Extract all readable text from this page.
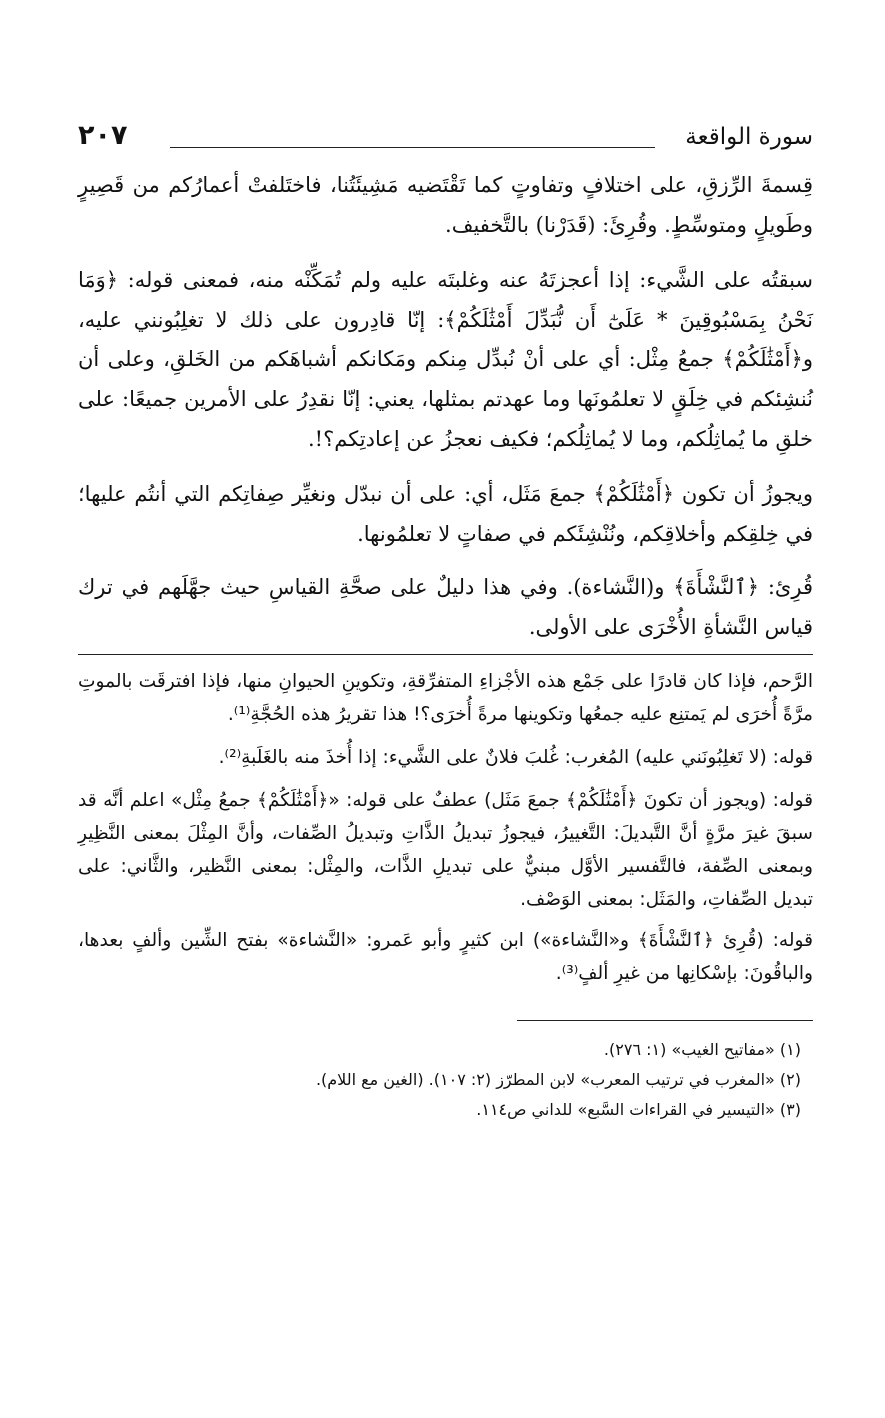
سورة الواقعة
٢٠٧

قِسمةَ الرِّزقِ، على اختلافٍ وتفاوتٍ كما تَقْتَضيه مَشِيئَتُنا، فاختَلفتْ أعمارُكم من قَصِيرٍ وطَويلٍ ومتوسِّطٍ. وقُرِئَ: (قَدَرْنا) بالتَّخفيف.

سبقتُه على الشَّيء: إذا أعجزتَهُ عنه وغلبتَه عليه ولم تُمَكِّنْه منه، فمعنى قوله: ﴿وَمَا نَحْنُ بِمَسْبُوقِينَ * عَلَىٰٓ أَن نُّبَدِّلَ أَمْثَٰلَكُمْ﴾: إنّا قادِرون على ذلك لا تغلِبُونني عليه، و﴿أَمْثَٰلَكُمْ﴾ جمعُ مِثْل: أي على أنْ نُبدِّل مِنكم ومَكانكم أشباهَكم من الخَلقِ، وعلى أن نُنشِئكم في خِلَقٍ لا تعلمُونَها وما عهدتم بمثلها، يعني: إنّا نقدِرُ على الأمرين جميعًا: على خلقِ ما يُماثِلُكم، وما لا يُماثِلُكم؛ فكيف نعجزُ عن إعادتِكم؟!.

ويجوزُ أن تكون ﴿أَمْثَٰلَكُمْ﴾ جمعَ مَثَل، أي: على أن نبدّل ونغيِّر صِفاتِكم التي أنتُم عليها؛ في خِلقِكم وأخلاقِكم، ونُنْشِئَكم في صفاتٍ لا تعلمُونها.

قُرِئ: ﴿ٱلنَّشْأَةَ﴾ و(النَّشاءة). وفي هذا دليلٌ على صحَّةِ القياسِ حيث جهَّلَهم في ترك قياس النَّشأةِ الأُخْرَى على الأولى.

الرَّحم، فإذا كان قادرًا على جَمْع هذه الأجْزاءِ المتفرِّقةِ، وتكوينِ الحيوانِ منها، فإذا افترقَت بالموتِ مرَّةً أُخرَى لم يَمتنِع عليه جمعُها وتكوينها مرةً أُخرَى؟! هذا تقريرُ هذه الحُجَّةِ⁽¹⁾.

قوله: (لا تَغلِبُونَني عليه) المُغرب: غُلبَ فلانٌ على الشَّيء: إذا أُخذَ منه بالغَلَبةِ⁽²⁾.

قوله: (ويجوز أن تكونَ ﴿أَمْثَٰلَكُمْ﴾ جمعَ مَثَل) عطفٌ على قوله: «﴿أَمْثَٰلَكُمْ﴾ جمعُ مِثْل» اعلم أنَّه قد سبقَ غيرَ مرَّةٍ أنَّ التَّبديلَ: التَّغييرُ، فيجوزُ تبديلُ الذَّاتِ وتبديلُ الصِّفات، وأنَّ المِثْلَ بمعنى النَّظِيرِ وبمعنى الصِّفة، فالتَّفسير الأوَّل مبنيٌّ على تبديلِ الذَّات، والمِثْل: بمعنى النَّظير، والثَّاني: على تبديل الصِّفاتِ، والمَثَل: بمعنى الوَصْف.

قوله: (قُرِئ ﴿ٱلنَّشْأَةَ﴾ و«النَّشاءة») ابن كثيرٍ وأبو عَمرو: «النَّشاءة» بفتح الشِّين وألفٍ بعدها، والباقُونَ: بإسْكانِها من غيرِ ألفٍ⁽³⁾.

(١) «مفاتيح الغيب» (١: ٢٧٦).
(٢) «المغرب في ترتيب المعرب» لابن المطرّز (٢: ١٠٧). (الغين مع اللام).
(٣) «التيسير في القراءات السَّبع» للداني ص١١٤.
